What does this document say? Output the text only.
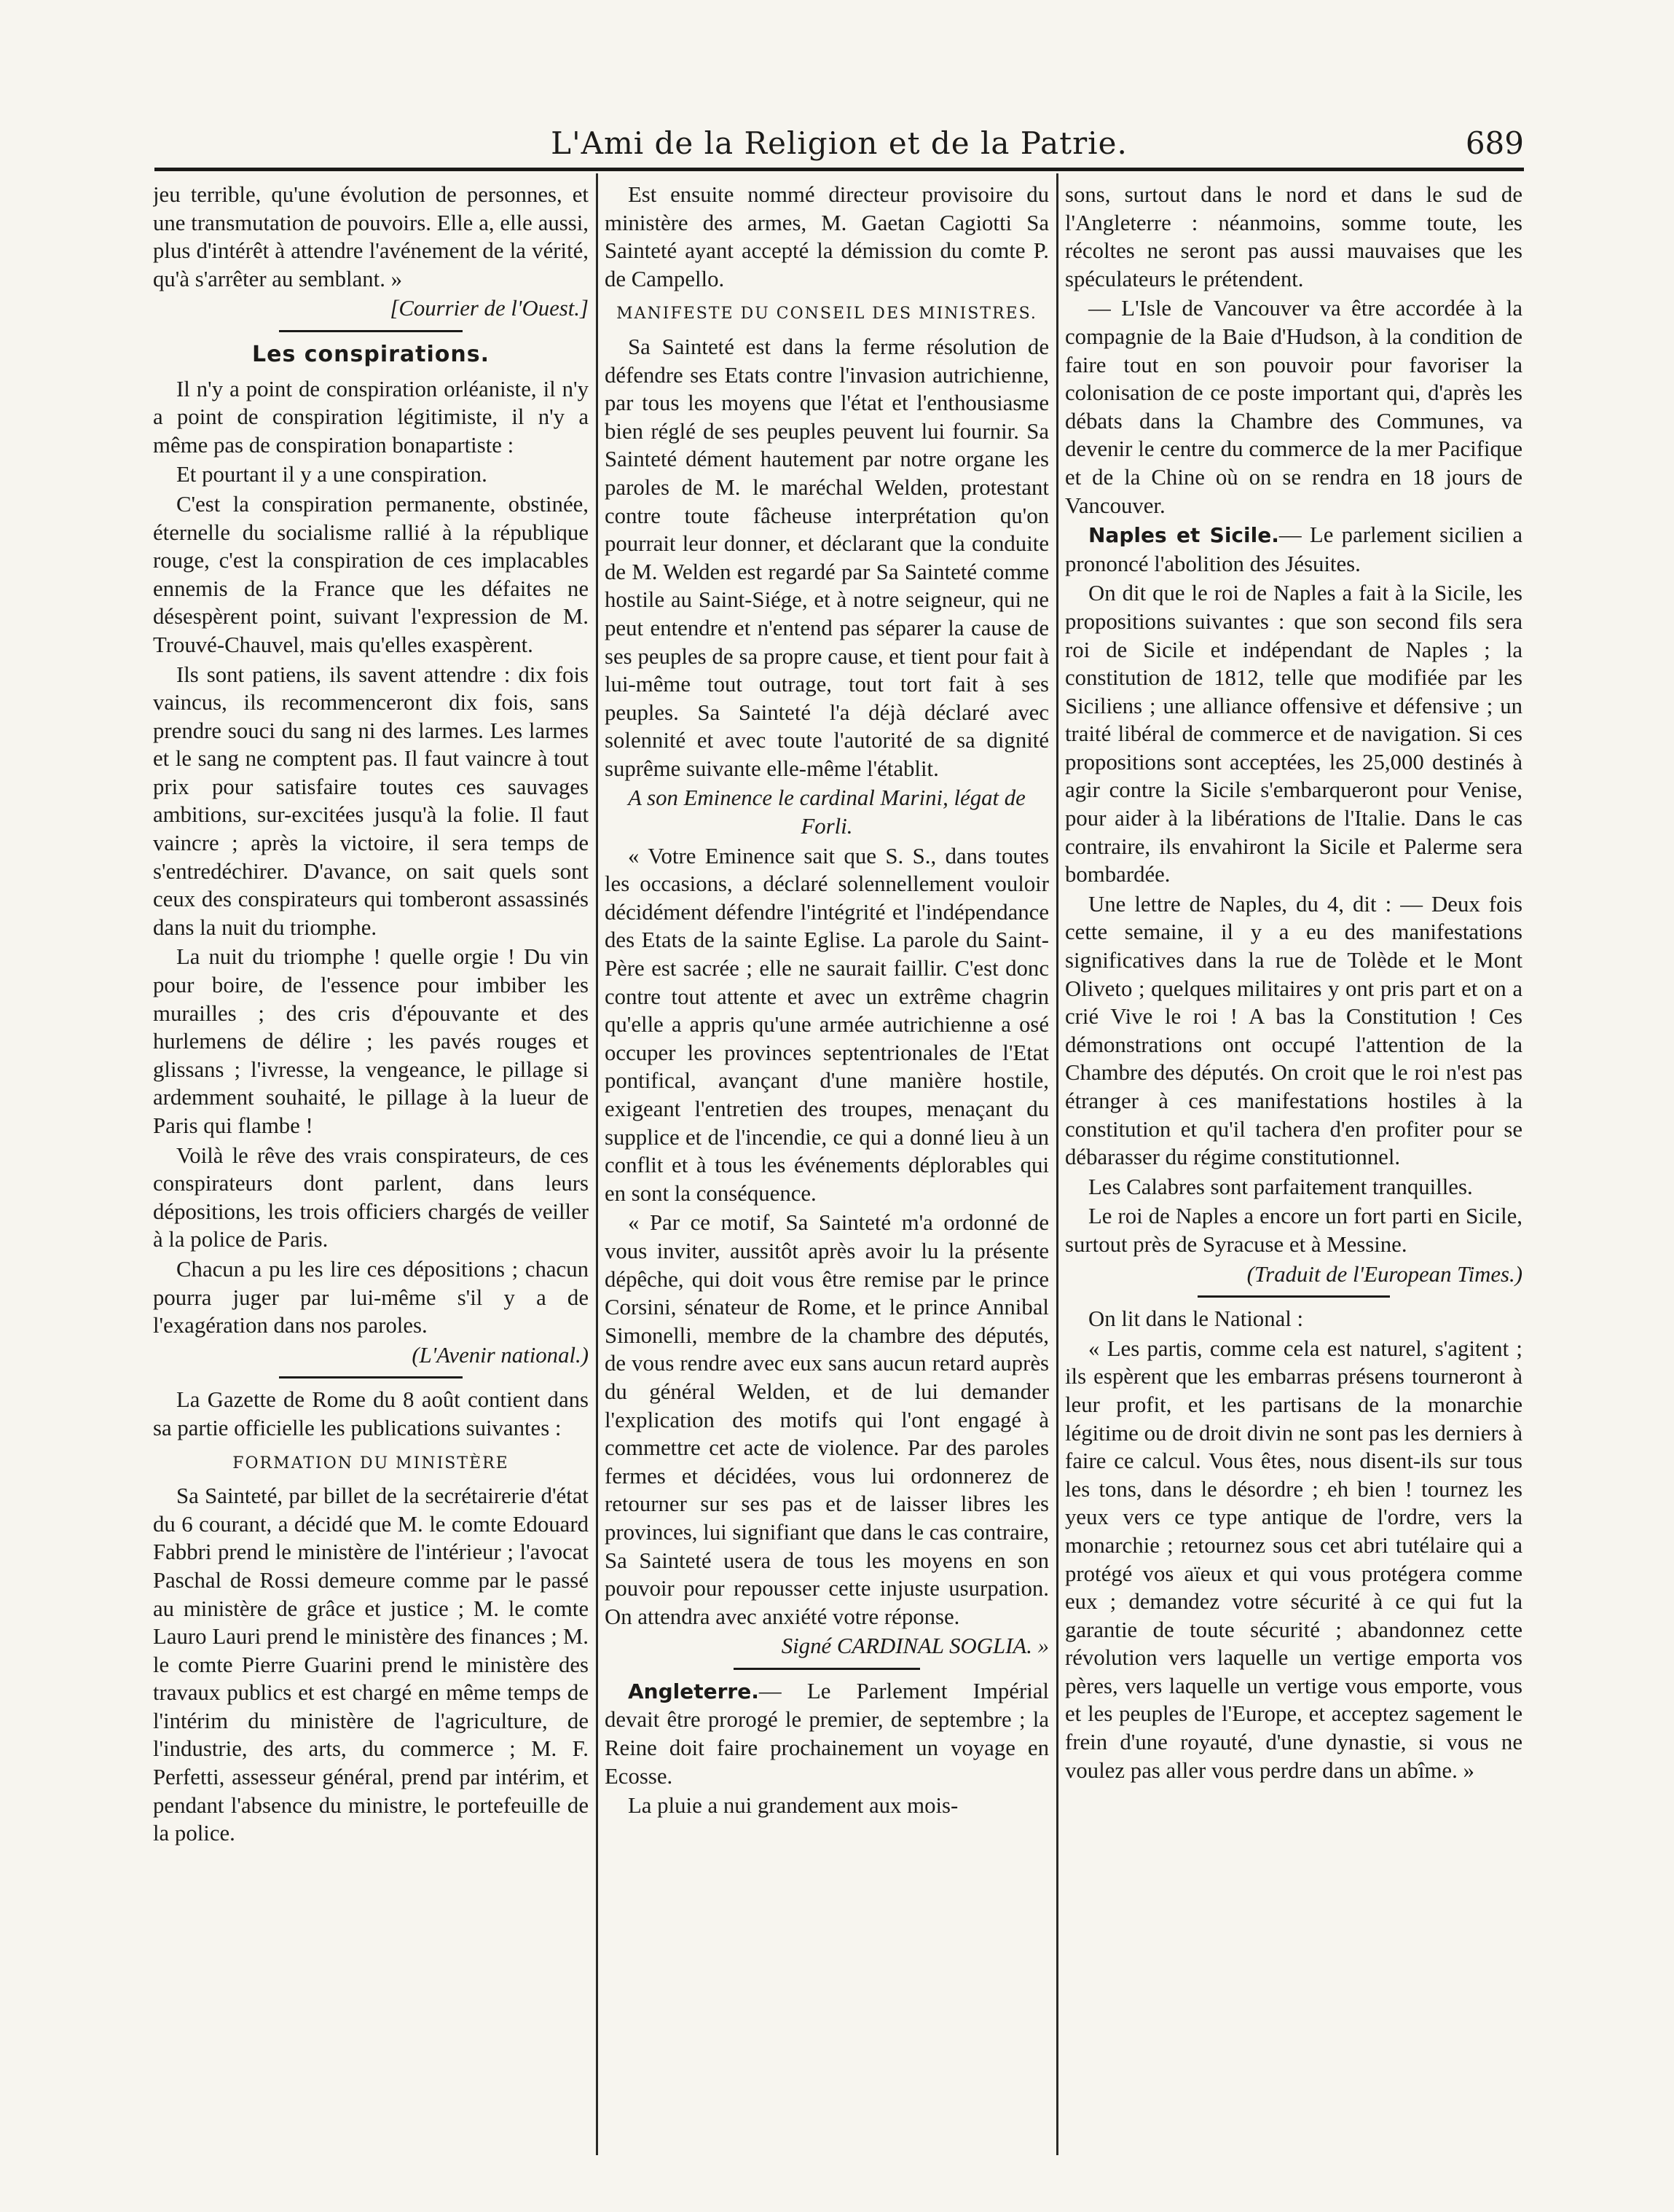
L'Ami de la Religion et de la Patrie.	689

jeu terrible, qu'une évolution de personnes, et une transmutation de pouvoirs. Elle a, elle aussi, plus d'intérêt à attendre l'avénement de la vérité, qu'à s'arrêter au semblant. »

[Courrier de l'Ouest.]
Les conspirations.

Il n'y a point de conspiration orléaniste, il n'y a point de conspiration légitimiste, il n'y a même pas de conspiration bonapartiste :

Et pourtant il y a une conspiration.

C'est la conspiration permanente, obstinée, éternelle du socialisme rallié à la république rouge, c'est la conspiration de ces implacables ennemis de la France que les défaites ne désespèrent point, suivant l'expression de M. Trouvé-Chauvel, mais qu'elles exaspèrent.

Ils sont patiens, ils savent attendre : dix fois vaincus, ils recommenceront dix fois, sans prendre souci du sang ni des larmes. Les larmes et le sang ne comptent pas. Il faut vaincre à tout prix pour satisfaire toutes ces sauvages ambitions, sur-excitées jusqu'à la folie. Il faut vaincre ; après la victoire, il sera temps de s'entredéchirer. D'avance, on sait quels sont ceux des conspirateurs qui tomberont assassinés dans la nuit du triomphe.

La nuit du triomphe ! quelle orgie ! Du vin pour boire, de l'essence pour imbiber les murailles ; des cris d'épouvante et des hurlemens de délire ; les pavés rouges et glissans ; l'ivresse, la vengeance, le pillage si ardemment souhaité, le pillage à la lueur de Paris qui flambe !

Voilà le rêve des vrais conspirateurs, de ces conspirateurs dont parlent, dans leurs dépositions, les trois officiers chargés de veiller à la police de Paris.

Chacun a pu les lire ces dépositions ; chacun pourra juger par lui-même s'il y a de l'exagération dans nos paroles.

(L'Avenir national.)

La Gazette de Rome du 8 août contient dans sa partie officielle les publications suivantes :

FORMATION DU MINISTÈRE

Sa Sainteté, par billet de la secrétairerie d'état du 6 courant, a décidé que M. le comte Edouard Fabbri prend le ministère de l'intérieur ; l'avocat Paschal de Rossi demeure comme par le passé au ministère de grâce et justice ; M. le comte Lauro Lauri prend le ministère des finances ; M. le comte Pierre Guarini prend le ministère des travaux publics et est chargé en même temps de l'intérim du ministère de l'agriculture, de l'industrie, des arts, du commerce ; M. F. Perfetti, assesseur général, prend par intérim, et pendant l'absence du ministre, le portefeuille de la police.

Est ensuite nommé directeur provisoire du ministère des armes, M. Gaetan Cagiotti Sa Sainteté ayant accepté la démission du comte P. de Campello.

MANIFESTE DU CONSEIL DES MINISTRES.

Sa Sainteté est dans la ferme résolution de défendre ses Etats contre l'invasion autrichienne, par tous les moyens que l'état et l'enthousiasme bien réglé de ses peuples peuvent lui fournir. Sa Sainteté dément hautement par notre organe les paroles de M. le maréchal Welden, protestant contre toute fâcheuse interprétation qu'on pourrait leur donner, et déclarant que la conduite de M. Welden est regardé par Sa Sainteté comme hostile au Saint-Siége, et à notre seigneur, qui ne peut entendre et n'entend pas séparer la cause de ses peuples de sa propre cause, et tient pour fait à lui-même tout outrage, tout tort fait à ses peuples. Sa Sainteté l'a déjà déclaré avec solennité et avec toute l'autorité de sa dignité suprême suivante elle-même l'établit.

A son Eminence le cardinal Marini, légat de Forli.

« Votre Eminence sait que S. S., dans toutes les occasions, a déclaré solennellement vouloir décidément défendre l'intégrité et l'indépendance des Etats de la sainte Eglise. La parole du Saint-Père est sacrée ; elle ne saurait faillir. C'est donc contre tout attente et avec un extrême chagrin qu'elle a appris qu'une armée autrichienne a osé occuper les provinces septentrionales de l'Etat pontifical, avançant d'une manière hostile, exigeant l'entretien des troupes, menaçant du supplice et de l'incendie, ce qui a donné lieu à un conflit et à tous les événements déplorables qui en sont la conséquence.

« Par ce motif, Sa Sainteté m'a ordonné de vous inviter, aussitôt après avoir lu la présente dépêche, qui doit vous être remise par le prince Corsini, sénateur de Rome, et le prince Annibal Simonelli, membre de la chambre des députés, de vous rendre avec eux sans aucun retard auprès du général Welden, et de lui demander l'explication des motifs qui l'ont engagé à commettre cet acte de violence. Par des paroles fermes et décidées, vous lui ordonnerez de retourner sur ses pas et de laisser libres les provinces, lui signifiant que dans le cas contraire, Sa Sainteté usera de tous les moyens en son pouvoir pour repousser cette injuste usurpation. On attendra avec anxiété votre réponse.

Signé CARDINAL SOGLIA. »

Angleterre.— Le Parlement Impérial devait être prorogé le premier, de septembre ; la Reine doit faire prochainement un voyage en Ecosse.

La pluie a nui grandement aux mois-

sons, surtout dans le nord et dans le sud de l'Angleterre : néanmoins, somme toute, les récoltes ne seront pas aussi mauvaises que les spéculateurs le prétendent.

— L'Isle de Vancouver va être accordée à la compagnie de la Baie d'Hudson, à la condition de faire tout en son pouvoir pour favoriser la colonisation de ce poste important qui, d'après les débats dans la Chambre des Communes, va devenir le centre du commerce de la mer Pacifique et de la Chine où on se rendra en 18 jours de Vancouver.

Naples et Sicile.— Le parlement sicilien a prononcé l'abolition des Jésuites.

On dit que le roi de Naples a fait à la Sicile, les propositions suivantes : que son second fils sera roi de Sicile et indépendant de Naples ; la constitution de 1812, telle que modifiée par les Siciliens ; une alliance offensive et défensive ; un traité libéral de commerce et de navigation. Si ces propositions sont acceptées, les 25,000 destinés à agir contre la Sicile s'embarqueront pour Venise, pour aider à la libérations de l'Italie. Dans le cas contraire, ils envahiront la Sicile et Palerme sera bombardée.

Une lettre de Naples, du 4, dit : — Deux fois cette semaine, il y a eu des manifestations significatives dans la rue de Tolède et le Mont Oliveto ; quelques militaires y ont pris part et on a crié Vive le roi ! A bas la Constitution ! Ces démonstrations ont occupé l'attention de la Chambre des députés. On croit que le roi n'est pas étranger à ces manifestations hostiles à la constitution et qu'il tachera d'en profiter pour se débarasser du régime constitutionnel.

Les Calabres sont parfaitement tranquilles.

Le roi de Naples a encore un fort parti en Sicile, surtout près de Syracuse et à Messine.

(Traduit de l'European Times.)

On lit dans le National :

« Les partis, comme cela est naturel, s'agitent ; ils espèrent que les embarras présens tourneront à leur profit, et les partisans de la monarchie légitime ou de droit divin ne sont pas les derniers à faire ce calcul. Vous êtes, nous disent-ils sur tous les tons, dans le désordre ; eh bien ! tournez les yeux vers ce type antique de l'ordre, vers la monarchie ; retournez sous cet abri tutélaire qui a protégé vos aïeux et qui vous protégera comme eux ; demandez votre sécurité à ce qui fut la garantie de toute sécurité ; abandonnez cette révolution vers laquelle un vertige emporta vos pères, vers laquelle un vertige vous emporte, vous et les peuples de l'Europe, et acceptez sagement le frein d'une royauté, d'une dynastie, si vous ne voulez pas aller vous perdre dans un abîme. »
